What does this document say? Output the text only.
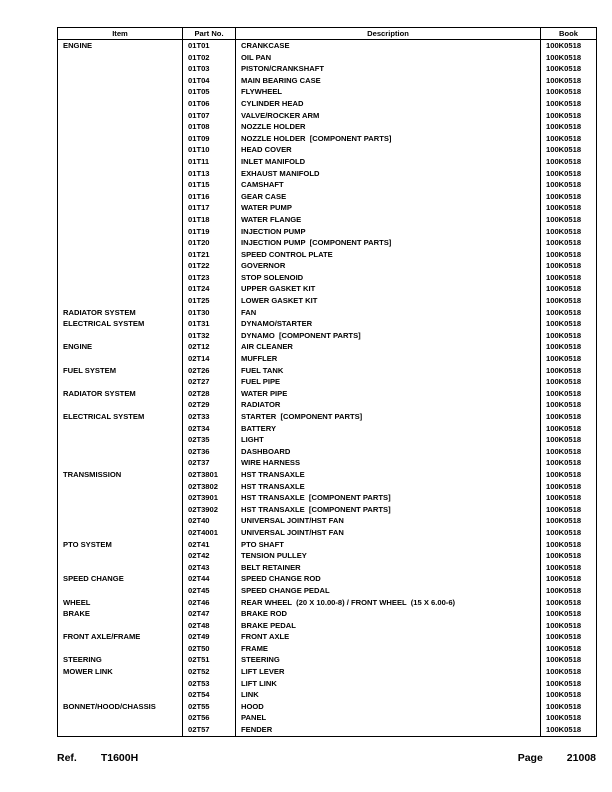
Item	Part No.	Description	Book
ENGINE	01T01	CRANKCASE	100K0518
	01T02	OIL PAN	100K0518
	01T03	PISTON/CRANKSHAFT	100K0518
	01T04	MAIN BEARING CASE	100K0518
	01T05	FLYWHEEL	100K0518
	01T06	CYLINDER HEAD	100K0518
	01T07	VALVE/ROCKER ARM	100K0518
	01T08	NOZZLE HOLDER	100K0518
	01T09	NOZZLE HOLDER  [COMPONENT PARTS]	100K0518
	01T10	HEAD COVER	100K0518
	01T11	INLET MANIFOLD	100K0518
	01T13	EXHAUST MANIFOLD	100K0518
	01T15	CAMSHAFT	100K0518
	01T16	GEAR CASE	100K0518
	01T17	WATER PUMP	100K0518
	01T18	WATER FLANGE	100K0518
	01T19	INJECTION PUMP	100K0518
	01T20	INJECTION PUMP  [COMPONENT PARTS]	100K0518
	01T21	SPEED CONTROL PLATE	100K0518
	01T22	GOVERNOR	100K0518
	01T23	STOP SOLENOID	100K0518
	01T24	UPPER GASKET KIT	100K0518
	01T25	LOWER GASKET KIT	100K0518
RADIATOR SYSTEM	01T30	FAN	100K0518
ELECTRICAL SYSTEM	01T31	DYNAMO/STARTER	100K0518
	01T32	DYNAMO  [COMPONENT PARTS]	100K0518
ENGINE	02T12	AIR CLEANER	100K0518
	02T14	MUFFLER	100K0518
FUEL SYSTEM	02T26	FUEL TANK	100K0518
	02T27	FUEL PIPE	100K0518
RADIATOR SYSTEM	02T28	WATER PIPE	100K0518
	02T29	RADIATOR	100K0518
ELECTRICAL SYSTEM	02T33	STARTER  [COMPONENT PARTS]	100K0518
	02T34	BATTERY	100K0518
	02T35	LIGHT	100K0518
	02T36	DASHBOARD	100K0518
	02T37	WIRE HARNESS	100K0518
TRANSMISSION	02T3801	HST TRANSAXLE	100K0518
	02T3802	HST TRANSAXLE	100K0518
	02T3901	HST TRANSAXLE  [COMPONENT PARTS]	100K0518
	02T3902	HST TRANSAXLE  [COMPONENT PARTS]	100K0518
	02T40	UNIVERSAL JOINT/HST FAN	100K0518
	02T4001	UNIVERSAL JOINT/HST FAN	100K0518
PTO SYSTEM	02T41	PTO SHAFT	100K0518
	02T42	TENSION PULLEY	100K0518
	02T43	BELT RETAINER	100K0518
SPEED CHANGE	02T44	SPEED CHANGE ROD	100K0518
	02T45	SPEED CHANGE PEDAL	100K0518
WHEEL	02T46	REAR WHEEL  (20 X 10.00-8) / FRONT WHEEL  (15 X 6.00-6)	100K0518
BRAKE	02T47	BRAKE ROD	100K0518
	02T48	BRAKE PEDAL	100K0518
FRONT AXLE/FRAME	02T49	FRONT AXLE	100K0518
	02T50	FRAME	100K0518
STEERING	02T51	STEERING	100K0518
MOWER LINK	02T52	LIFT LEVER	100K0518
	02T53	LIFT LINK	100K0518
	02T54	LINK	100K0518
BONNET/HOOD/CHASSIS	02T55	HOOD	100K0518
	02T56	PANEL	100K0518
	02T57	FENDER	100K0518
Ref. T1600H	Page 21008
